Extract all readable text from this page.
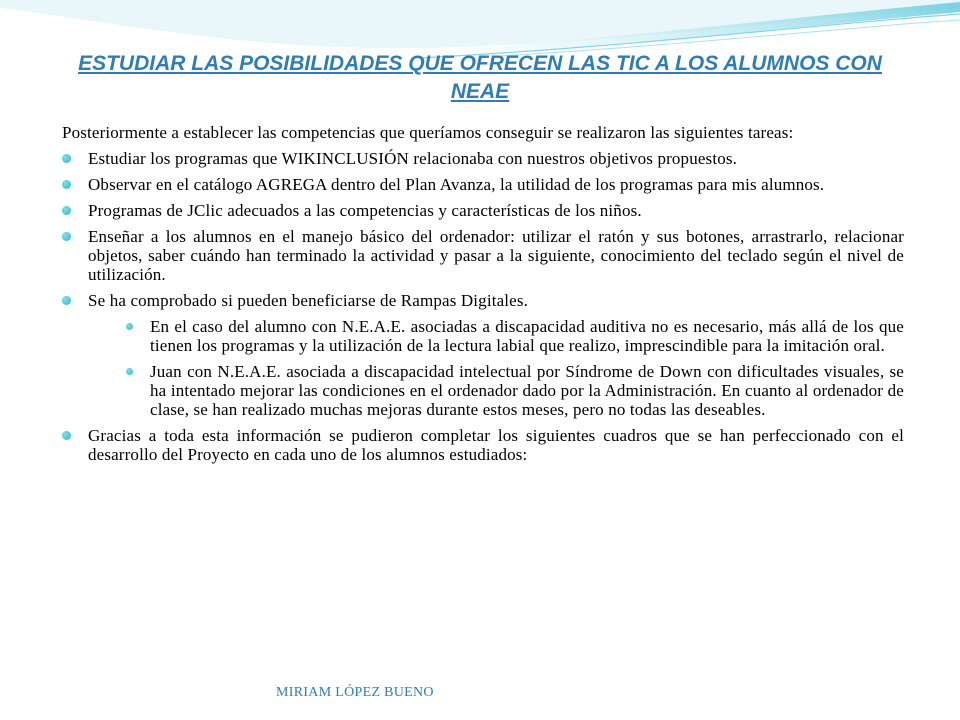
ESTUDIAR LAS POSIBILIDADES QUE OFRECEN LAS TIC A LOS ALUMNOS CON NEAE

Posteriormente a establecer las competencias que queríamos conseguir se realizaron las siguientes tareas:

Estudiar los programas que WIKINCLUSIÓN relacionaba con nuestros objetivos propuestos.
Observar en el catálogo AGREGA dentro del Plan Avanza, la utilidad de los programas para mis alumnos.
Programas de JClic adecuados a las competencias y características de los niños.
Enseñar a los alumnos en el manejo básico del ordenador: utilizar el ratón y sus botones, arrastrarlo, relacionar objetos, saber cuándo han terminado la actividad y pasar a la siguiente, conocimiento del teclado según el nivel de utilización.
Se ha comprobado si pueden beneficiarse de Rampas Digitales.
En el caso del alumno con N.E.A.E. asociadas a discapacidad auditiva no es necesario, más allá de los que tienen los programas y la utilización de la lectura labial que realizo, imprescindible para la imitación oral.
Juan con N.E.A.E. asociada a discapacidad intelectual por Síndrome de Down con dificultades visuales, se ha intentado mejorar las condiciones en el ordenador dado por la Administración. En cuanto al ordenador de clase, se han realizado muchas mejoras durante estos meses, pero no todas las deseables.
Gracias a toda esta información se pudieron completar los siguientes cuadros que se han perfeccionado con el desarrollo del Proyecto en cada uno de los alumnos estudiados:
MIRIAM LÓPEZ BUENO
